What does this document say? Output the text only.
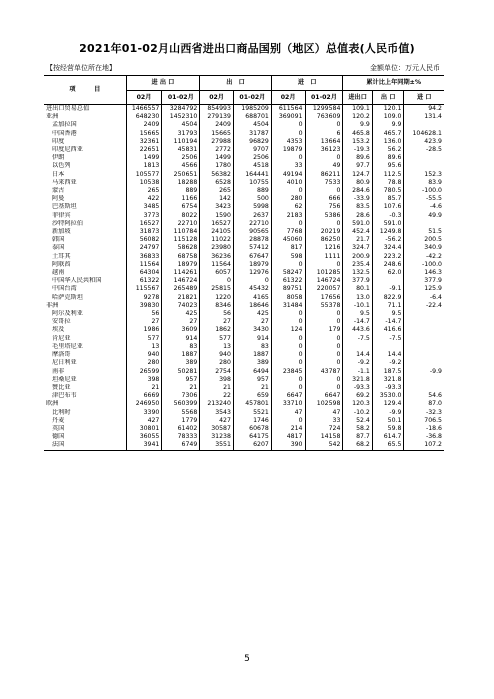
2021年01-02月山西省进出口商品国别（地区）总值表(人民币值)
【按经营单位所在地】	金额单位：万元人民币
项　　　目	进 出 口		出　口		进　口		累计比上年同期±%		
	02月	01-02月	02月	01-02月	02月	01-02月	进出口	出 口	进 口
进出口贸易总值	1466557	3284792	854993	1985209	611564	1299584	109.1	120.1	94.2
亚洲	648230	1452310	279139	688701	369091	763609	120.2	109.0	131.4
孟加拉国	2409	4504	2409	4504	0	0	9.9	9.9	
中国香港	15665	31793	15665	31787	0	6	465.8	465.7	104628.1
印度	32361	110194	27988	96829	4353	13664	153.2	136.0	423.9
印度尼西亚	22651	45831	2772	9707	19879	36123	-19.3	56.2	-28.5
伊朗	1499	2506	1499	2506	0	0	89.6	89.6	
以色列	1813	4566	1780	4518	33	49	97.7	95.6	
日本	105577	250651	56382	164441	49194	86211	124.7	112.5	152.3
马来西亚	10538	18288	6528	10755	4010	7533	80.9	78.8	83.9
蒙古	265	889	265	889	0	0	284.6	780.5	-100.0
阿曼	422	1166	142	500	280	666	-33.9	85.7	-55.5
巴基斯坦	3485	6754	3423	5998	62	756	83.5	107.6	-4.6
菲律宾	3773	8022	1590	2637	2183	5386	28.6	-0.3	49.9
沙特阿拉伯	16527	22710	16527	22710	0	0	591.0	591.0	
新加坡	31873	110784	24105	90565	7768	20219	452.4	1249.8	51.5
韩国	56082	115128	11022	28878	45060	86250	21.7	-56.2	200.5
泰国	24797	58628	23980	57412	817	1216	324.7	324.4	340.9
土耳其	36833	68758	36236	67647	598	1111	200.9	223.2	-42.2
阿联酋	11564	18979	11564	18979	0	0	235.4	248.6	-100.0
越南	64304	114261	6057	12976	58247	101285	132.5	62.0	146.3
中国华人民共和国	61322	146724	0	0	61322	146724	377.9		377.9
中国台湾	115567	265489	25815	45432	89751	220057	80.1	-9.1	125.9
哈萨克斯坦	9278	21821	1220	4165	8058	17656	13.0	822.9	-6.4
非洲	39830	74023	8346	18646	31484	55378	-10.1	71.1	-22.4
阿尔及利亚	56	425	56	425	0	0	9.5	9.5	
安哥拉	27	27	27	27	0	0	-14.7	-14.7	
埃及	1986	3609	1862	3430	124	179	443.6	416.6	
肯尼亚	577	914	577	914	0	0	-7.5	-7.5	
毛里塔尼亚	13	83	13	83	0	0			
摩洛哥	940	1887	940	1887	0	0	14.4	14.4	
尼日利亚	280	389	280	389	0	0	-9.2	-9.2	
南非	26599	50281	2754	6494	23845	43787	-1.1	187.5	-9.9
坦桑尼亚	398	957	398	957	0	0	321.8	321.8	
赞比亚	21	21	21	21	0	0	-93.3	-93.3	
津巴布韦	6669	7306	22	659	6647	6647	69.2	3530.0	54.6
欧洲	246950	560399	213240	457801	33710	102598	120.3	129.4	87.0
比利时	3390	5568	3543	5521	47	47	-10.2	-9.9	-32.3
丹麦	427	1779	427	1746	0	33	52.4	50.1	706.5
英国	30801	61402	30587	60678	214	724	58.2	59.8	-18.6
德国	36055	78333	31238	64175	4817	14158	87.7	614.7	-36.8
法国	3941	6749	3551	6207	390	542	68.2	65.5	107.2
5
